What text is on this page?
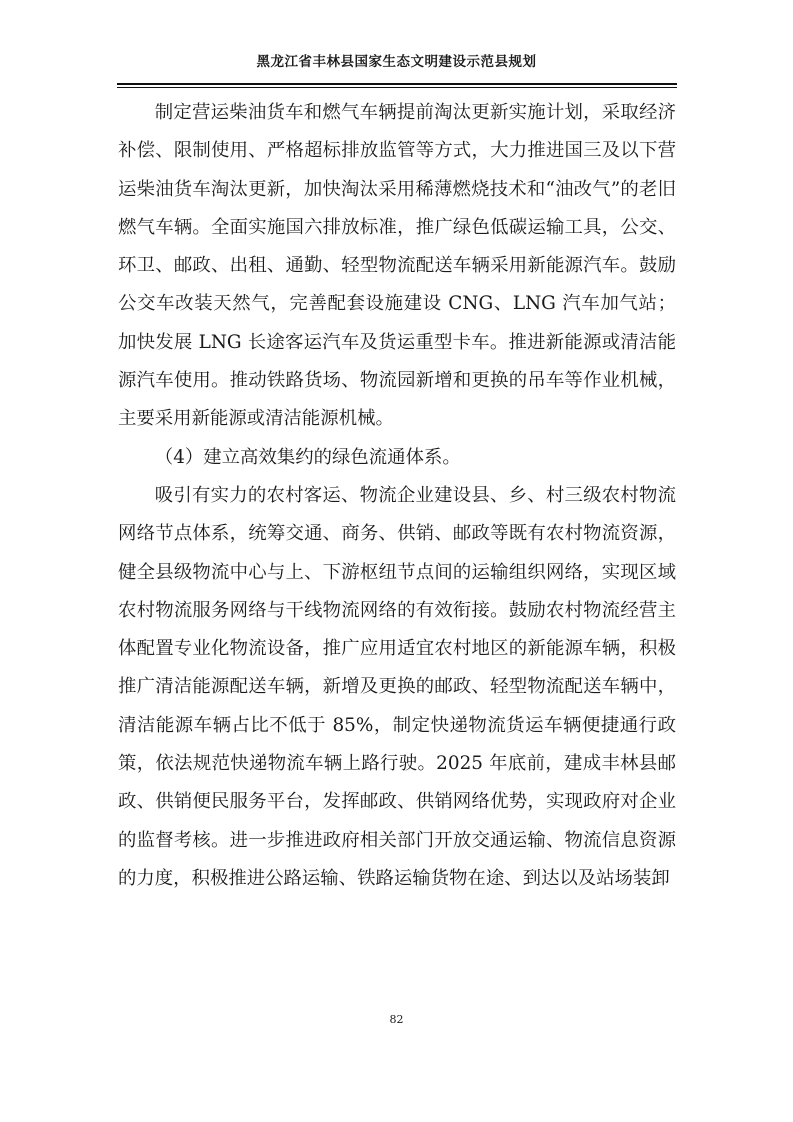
黑龙江省丰林县国家生态文明建设示范县规划

制定营运柴油货车和燃气车辆提前淘汰更新实施计划，采取经济补偿、限制使用、严格超标排放监管等方式，大力推进国三及以下营运柴油货车淘汰更新，加快淘汰采用稀薄燃烧技术和“油改气”的老旧燃气车辆。全面实施国六排放标准，推广绿色低碳运输工具，公交、环卫、邮政、出租、通勤、轻型物流配送车辆采用新能源汽车。鼓励公交车改装天然气，完善配套设施建设 CNG、LNG 汽车加气站；加快发展 LNG 长途客运汽车及货运重型卡车。推进新能源或清洁能源汽车使用。推动铁路货场、物流园新增和更换的吊车等作业机械，主要采用新能源或清洁能源机械。

（4）建立高效集约的绿色流通体系。

吸引有实力的农村客运、物流企业建设县、乡、村三级农村物流网络节点体系，统筹交通、商务、供销、邮政等既有农村物流资源，健全县级物流中心与上、下游枢纽节点间的运输组织网络，实现区域农村物流服务网络与干线物流网络的有效衔接。鼓励农村物流经营主体配置专业化物流设备，推广应用适宜农村地区的新能源车辆，积极推广清洁能源配送车辆，新增及更换的邮政、轻型物流配送车辆中，清洁能源车辆占比不低于 85%，制定快递物流货运车辆便捷通行政策，依法规范快递物流车辆上路行驶。2025 年底前，建成丰林县邮政、供销便民服务平台，发挥邮政、供销网络优势，实现政府对企业的监督考核。进一步推进政府相关部门开放交通运输、物流信息资源的力度，积极推进公路运输、铁路运输货物在途、到达以及站场装卸

82
